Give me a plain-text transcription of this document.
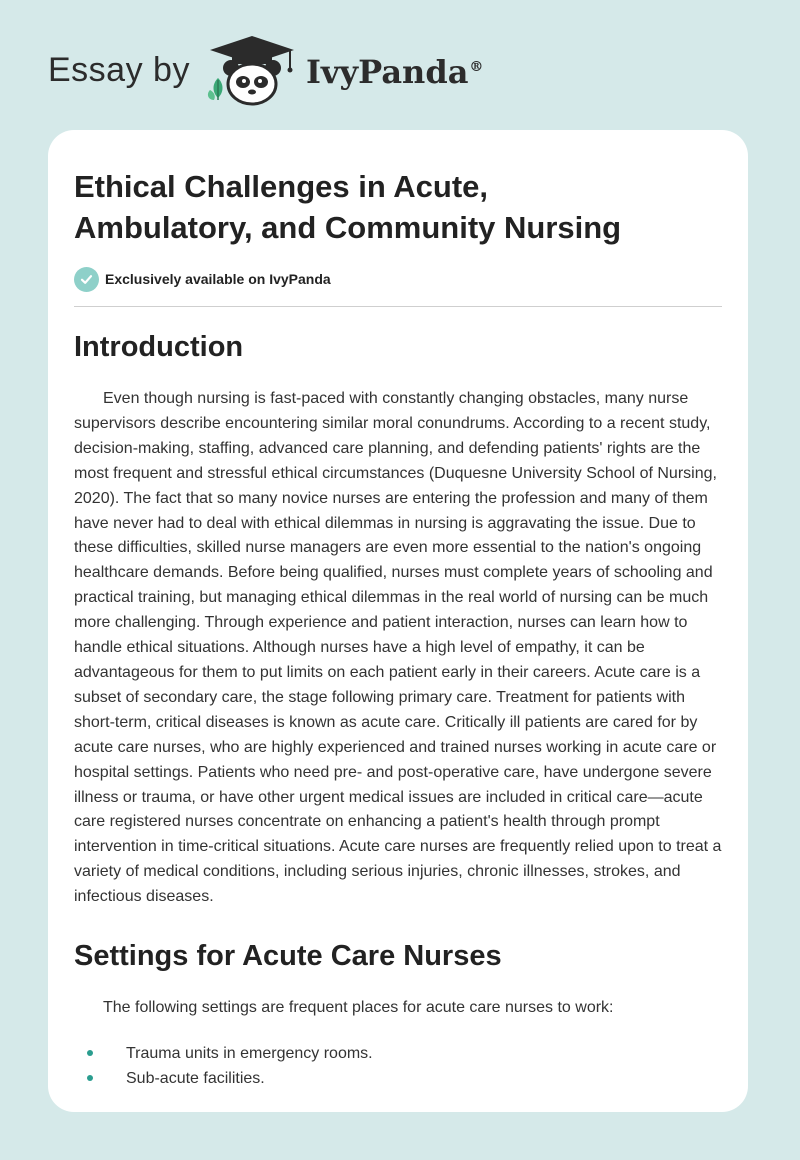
Essay by	IvyPanda®
Ethical Challenges in Acute,
Ambulatory, and Community Nursing
Exclusively available on IvyPanda
Introduction

Even though nursing is fast-paced with constantly changing obstacles, many nurse supervisors describe encountering similar moral conundrums. According to a recent study, decision-making, staffing, advanced care planning, and defending patients' rights are the most frequent and stressful ethical circumstances (Duquesne University School of Nursing, 2020). The fact that so many novice nurses are entering the profession and many of them have never had to deal with ethical dilemmas in nursing is aggravating the issue. Due to these difficulties, skilled nurse managers are even more essential to the nation's ongoing healthcare demands. Before being qualified, nurses must complete years of schooling and practical training, but managing ethical dilemmas in the real world of nursing can be much more challenging. Through experience and patient interaction, nurses can learn how to handle ethical situations. Although nurses have a high level of empathy, it can be advantageous for them to put limits on each patient early in their careers. Acute care is a subset of secondary care, the stage following primary care. Treatment for patients with short-term, critical diseases is known as acute care. Critically ill patients are cared for by acute care nurses, who are highly experienced and trained nurses working in acute care or hospital settings. Patients who need pre- and post-operative care, have undergone severe illness or trauma, or have other urgent medical issues are included in critical care—acute care registered nurses concentrate on enhancing a patient's health through prompt intervention in time-critical situations. Acute care nurses are frequently relied upon to treat a variety of medical conditions, including serious injuries, chronic illnesses, strokes, and infectious diseases.

Settings for Acute Care Nurses

The following settings are frequent places for acute care nurses to work:

Trauma units in emergency rooms.
Sub-acute facilities.
